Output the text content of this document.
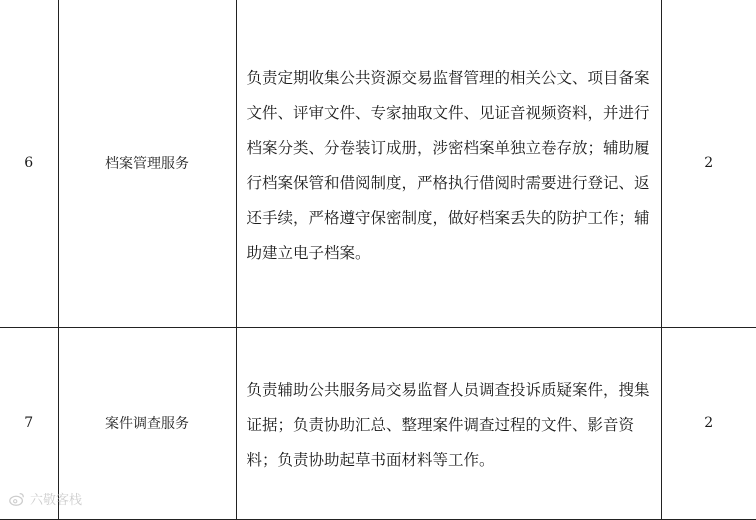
6	档案管理服务	负责定期收集公共资源交易监督管理的相关公文、项目备案文件、评审文件、专家抽取文件、见证音视频资料，并进行档案分类、分卷装订成册，涉密档案单独立卷存放；辅助履行档案保管和借阅制度，严格执行借阅时需要进行登记、返还手续，严格遵守保密制度，做好档案丢失的防护工作；辅助建立电子档案。	2
7	案件调查服务	负责辅助公共服务局交易监督人员调查投诉质疑案件，搜集证据；负责协助汇总、整理案件调查过程的文件、影音资料；负责协助起草书面材料等工作。	2
六敬客栈
